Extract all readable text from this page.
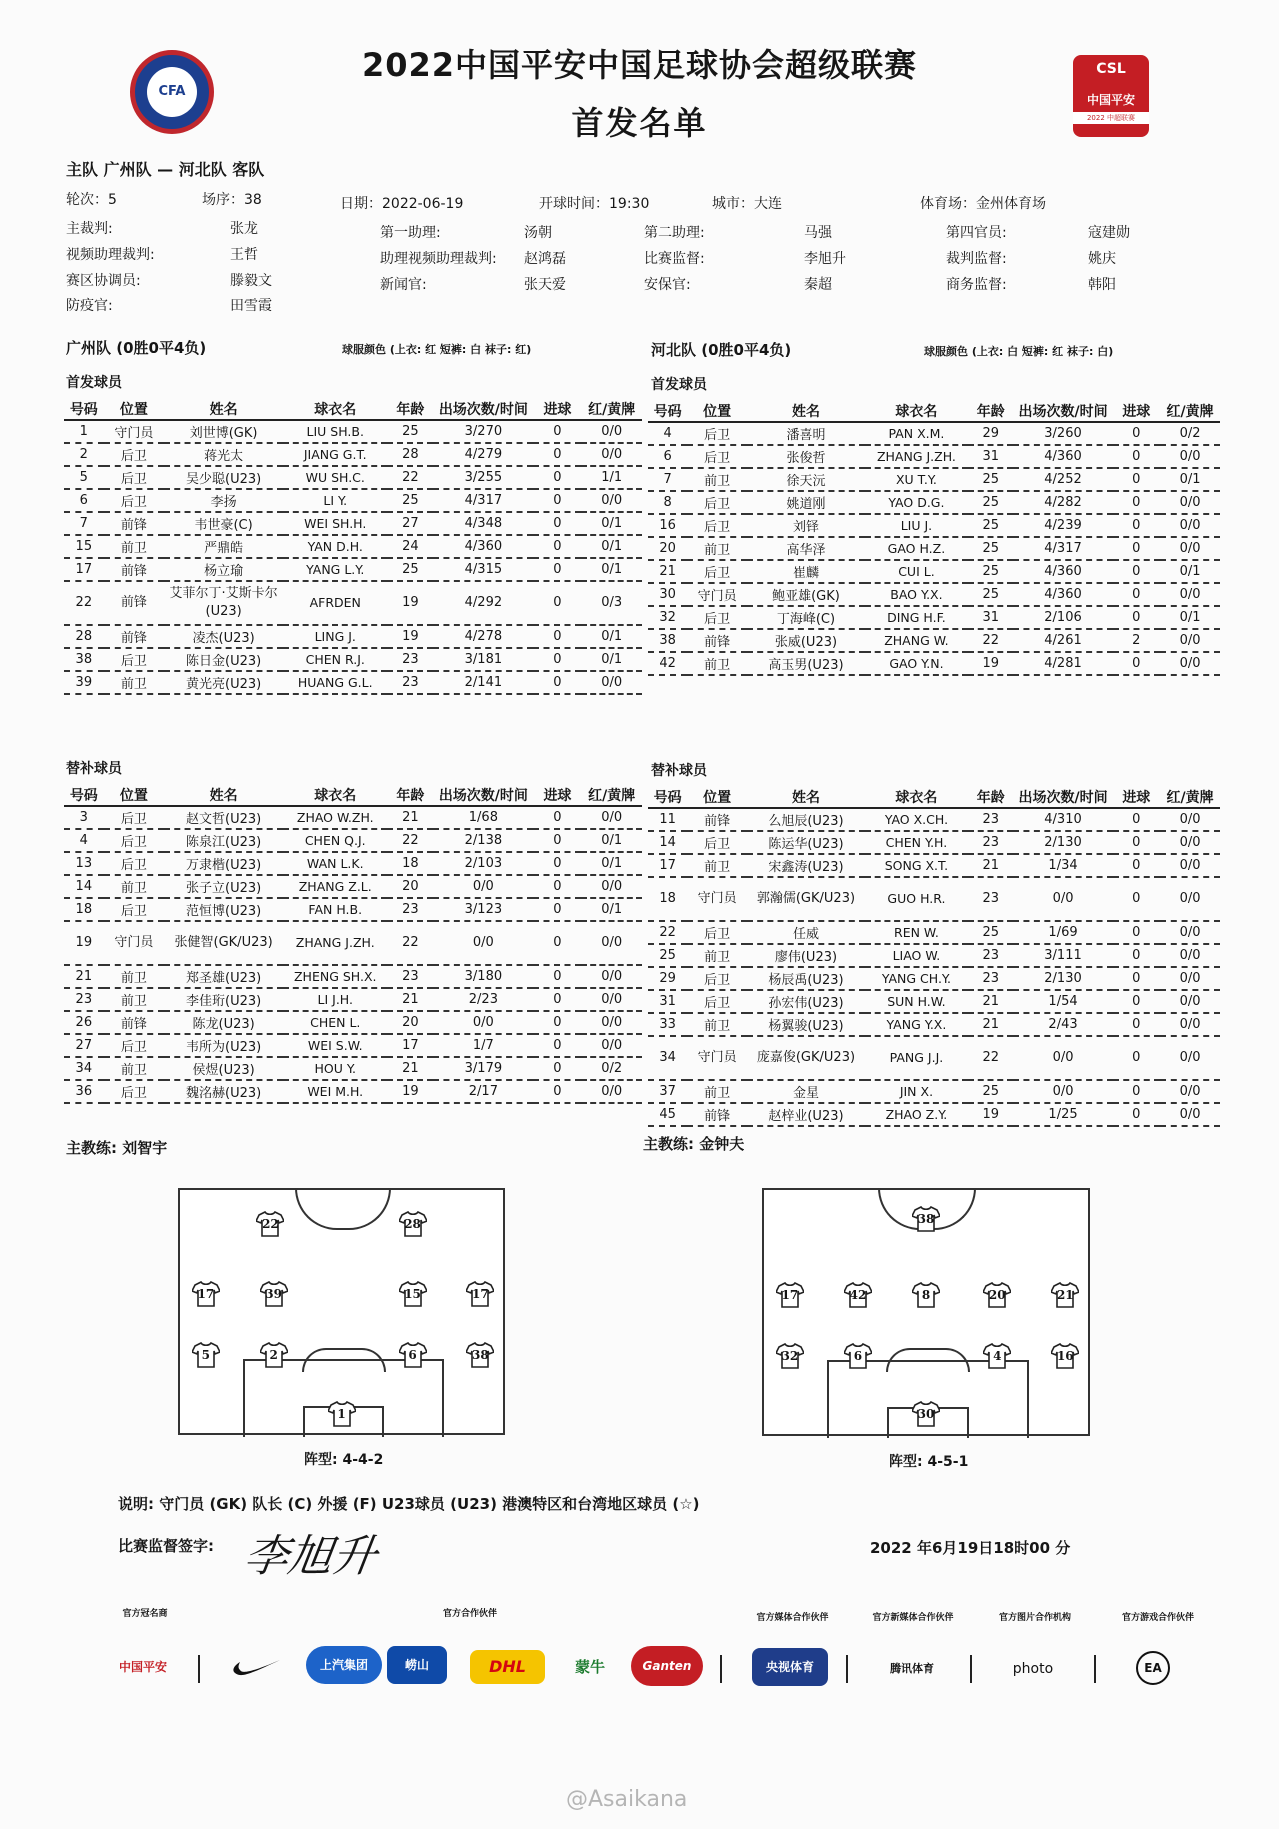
CFA
2022中国平安中国足球协会超级联赛
首发名单
CSL
中国平安
2022 中超联赛
主队 广州队 — 河北队 客队
轮次：5	场序：38	日期：2022-06-19	开球时间：19:30	城市：大连	体育场：金州体育场
主裁判:	张龙
视频助理裁判:	王哲
赛区协调员:	滕毅文
防疫官:	田雪霞
第一助理:	汤朝
助理视频助理裁判: 赵鸿磊
新闻官:	张天爱
第二助理:	马强
比赛监督:	李旭升
安保官:	秦超
第四官员:	寇建勋
裁判监督:	姚庆
商务监督:	韩阳
广州队 (0胜0平4负)	球服颜色 (上衣: 红 短裤: 白 袜子: 红)	河北队 (0胜0平4负)	球服颜色 (上衣: 白 短裤: 红 袜子: 白)
首发球员	首发球员
号码	位置	姓名	球衣名	年龄	出场次数/时间	进球	红/黄牌
1	守门员	刘世博(GK)	LIU SH.B.	25	3/270	0	0/0
2	后卫	蒋光太	JIANG G.T.	28	4/279	0	0/0
5	后卫	吴少聪(U23)	WU SH.C.	22	3/255	0	1/1
6	后卫	李扬	LI Y.	25	4/317	0	0/0
7	前锋	韦世豪(C)	WEI SH.H.	27	4/348	0	0/1
15	前卫	严鼎皓	YAN D.H.	24	4/360	0	0/1
17	前锋	杨立瑜	YANG L.Y.	25	4/315	0	0/1
22	前锋	艾菲尔丁·艾斯卡尔(U23)	AFRDEN	19	4/292	0	0/3
28	前锋	凌杰(U23)	LING J.	19	4/278	0	0/1
38	后卫	陈日金(U23)	CHEN R.J.	23	3/181	0	0/1
39	前卫	黄光亮(U23)	HUANG G.L.	23	2/141	0	0/0
号码	位置	姓名	球衣名	年龄	出场次数/时间	进球	红/黄牌
4	后卫	潘喜明	PAN X.M.	29	3/260	0	0/2
6	后卫	张俊哲	ZHANG J.ZH.	31	4/360	0	0/0
7	前卫	徐天沅	XU T.Y.	25	4/252	0	0/1
8	后卫	姚道刚	YAO D.G.	25	4/282	0	0/0
16	后卫	刘铎	LIU J.	25	4/239	0	0/0
20	前卫	高华泽	GAO H.Z.	25	4/317	0	0/0
21	后卫	崔麟	CUI L.	25	4/360	0	0/1
30	守门员	鲍亚雄(GK)	BAO Y.X.	25	4/360	0	0/0
32	后卫	丁海峰(C)	DING H.F.	31	2/106	0	0/1
38	前锋	张威(U23)	ZHANG W.	22	4/261	2	0/0
42	前卫	高玉男(U23)	GAO Y.N.	19	4/281	0	0/0
替补球员	替补球员
号码	位置	姓名	球衣名	年龄	出场次数/时间	进球	红/黄牌
3	后卫	赵文哲(U23)	ZHAO W.ZH.	21	1/68	0	0/0
4	后卫	陈泉江(U23)	CHEN Q.J.	22	2/138	0	0/1
13	后卫	万隶楷(U23)	WAN L.K.	18	2/103	0	0/1
14	前卫	张子立(U23)	ZHANG Z.L.	20	0/0	0	0/0
18	后卫	范恒博(U23)	FAN H.B.	23	3/123	0	0/1
19	守门员	张健智(GK/U23)	ZHANG J.ZH.	22	0/0	0	0/0
21	前卫	郑圣雄(U23)	ZHENG SH.X.	23	3/180	0	0/0
23	前卫	李佳珩(U23)	LI J.H.	21	2/23	0	0/0
26	前锋	陈龙(U23)	CHEN L.	20	0/0	0	0/0
27	后卫	韦所为(U23)	WEI S.W.	17	1/7	0	0/0
34	前卫	侯煜(U23)	HOU Y.	21	3/179	0	0/2
36	后卫	魏洺赫(U23)	WEI M.H.	19	2/17	0	0/0
号码	位置	姓名	球衣名	年龄	出场次数/时间	进球	红/黄牌
11	前锋	么旭辰(U23)	YAO X.CH.	23	4/310	0	0/0
14	后卫	陈运华(U23)	CHEN Y.H.	23	2/130	0	0/0
17	前卫	宋鑫涛(U23)	SONG X.T.	21	1/34	0	0/0
18	守门员	郭瀚儒(GK/U23)	GUO H.R.	23	0/0	0	0/0
22	后卫	任威	REN W.	25	1/69	0	0/0
25	前卫	廖伟(U23)	LIAO W.	23	3/111	0	0/0
29	后卫	杨辰禹(U23)	YANG CH.Y.	23	2/130	0	0/0
31	后卫	孙宏伟(U23)	SUN H.W.	21	1/54	0	0/0
33	前卫	杨翼骏(U23)	YANG Y.X.	21	2/43	0	0/0
34	守门员	庞嘉俊(GK/U23)	PANG J.J.	22	0/0	0	0/0
37	前卫	金星	JIN X.	25	0/0	0	0/0
45	前锋	赵梓业(U23)	ZHAO Z.Y.	19	1/25	0	0/0
主教练: 刘智宇	主教练: 金钟夫
22	28
17	39	15	17
5	2	6	38
1
阵型: 4-4-2
38
17	42	8	20	21
32	6	4	16
30
阵型: 4-5-1
说明: 守门员 (GK) 队长 (C) 外援 (F) U23球员 (U23) 港澳特区和台湾地区球员 (☆)
比赛监督签字: 李旭升	2022 年6月19日18时00 分
官方冠名商	官方合作伙伴	官方媒体合作伙伴	官方新媒体合作伙伴	官方图片合作机构	官方游戏合作伙伴
中国平安	上汽集团	崂山	DHL	蒙牛	Ganten	央视体育	腾讯体育	photo	EA
@Asaikana
